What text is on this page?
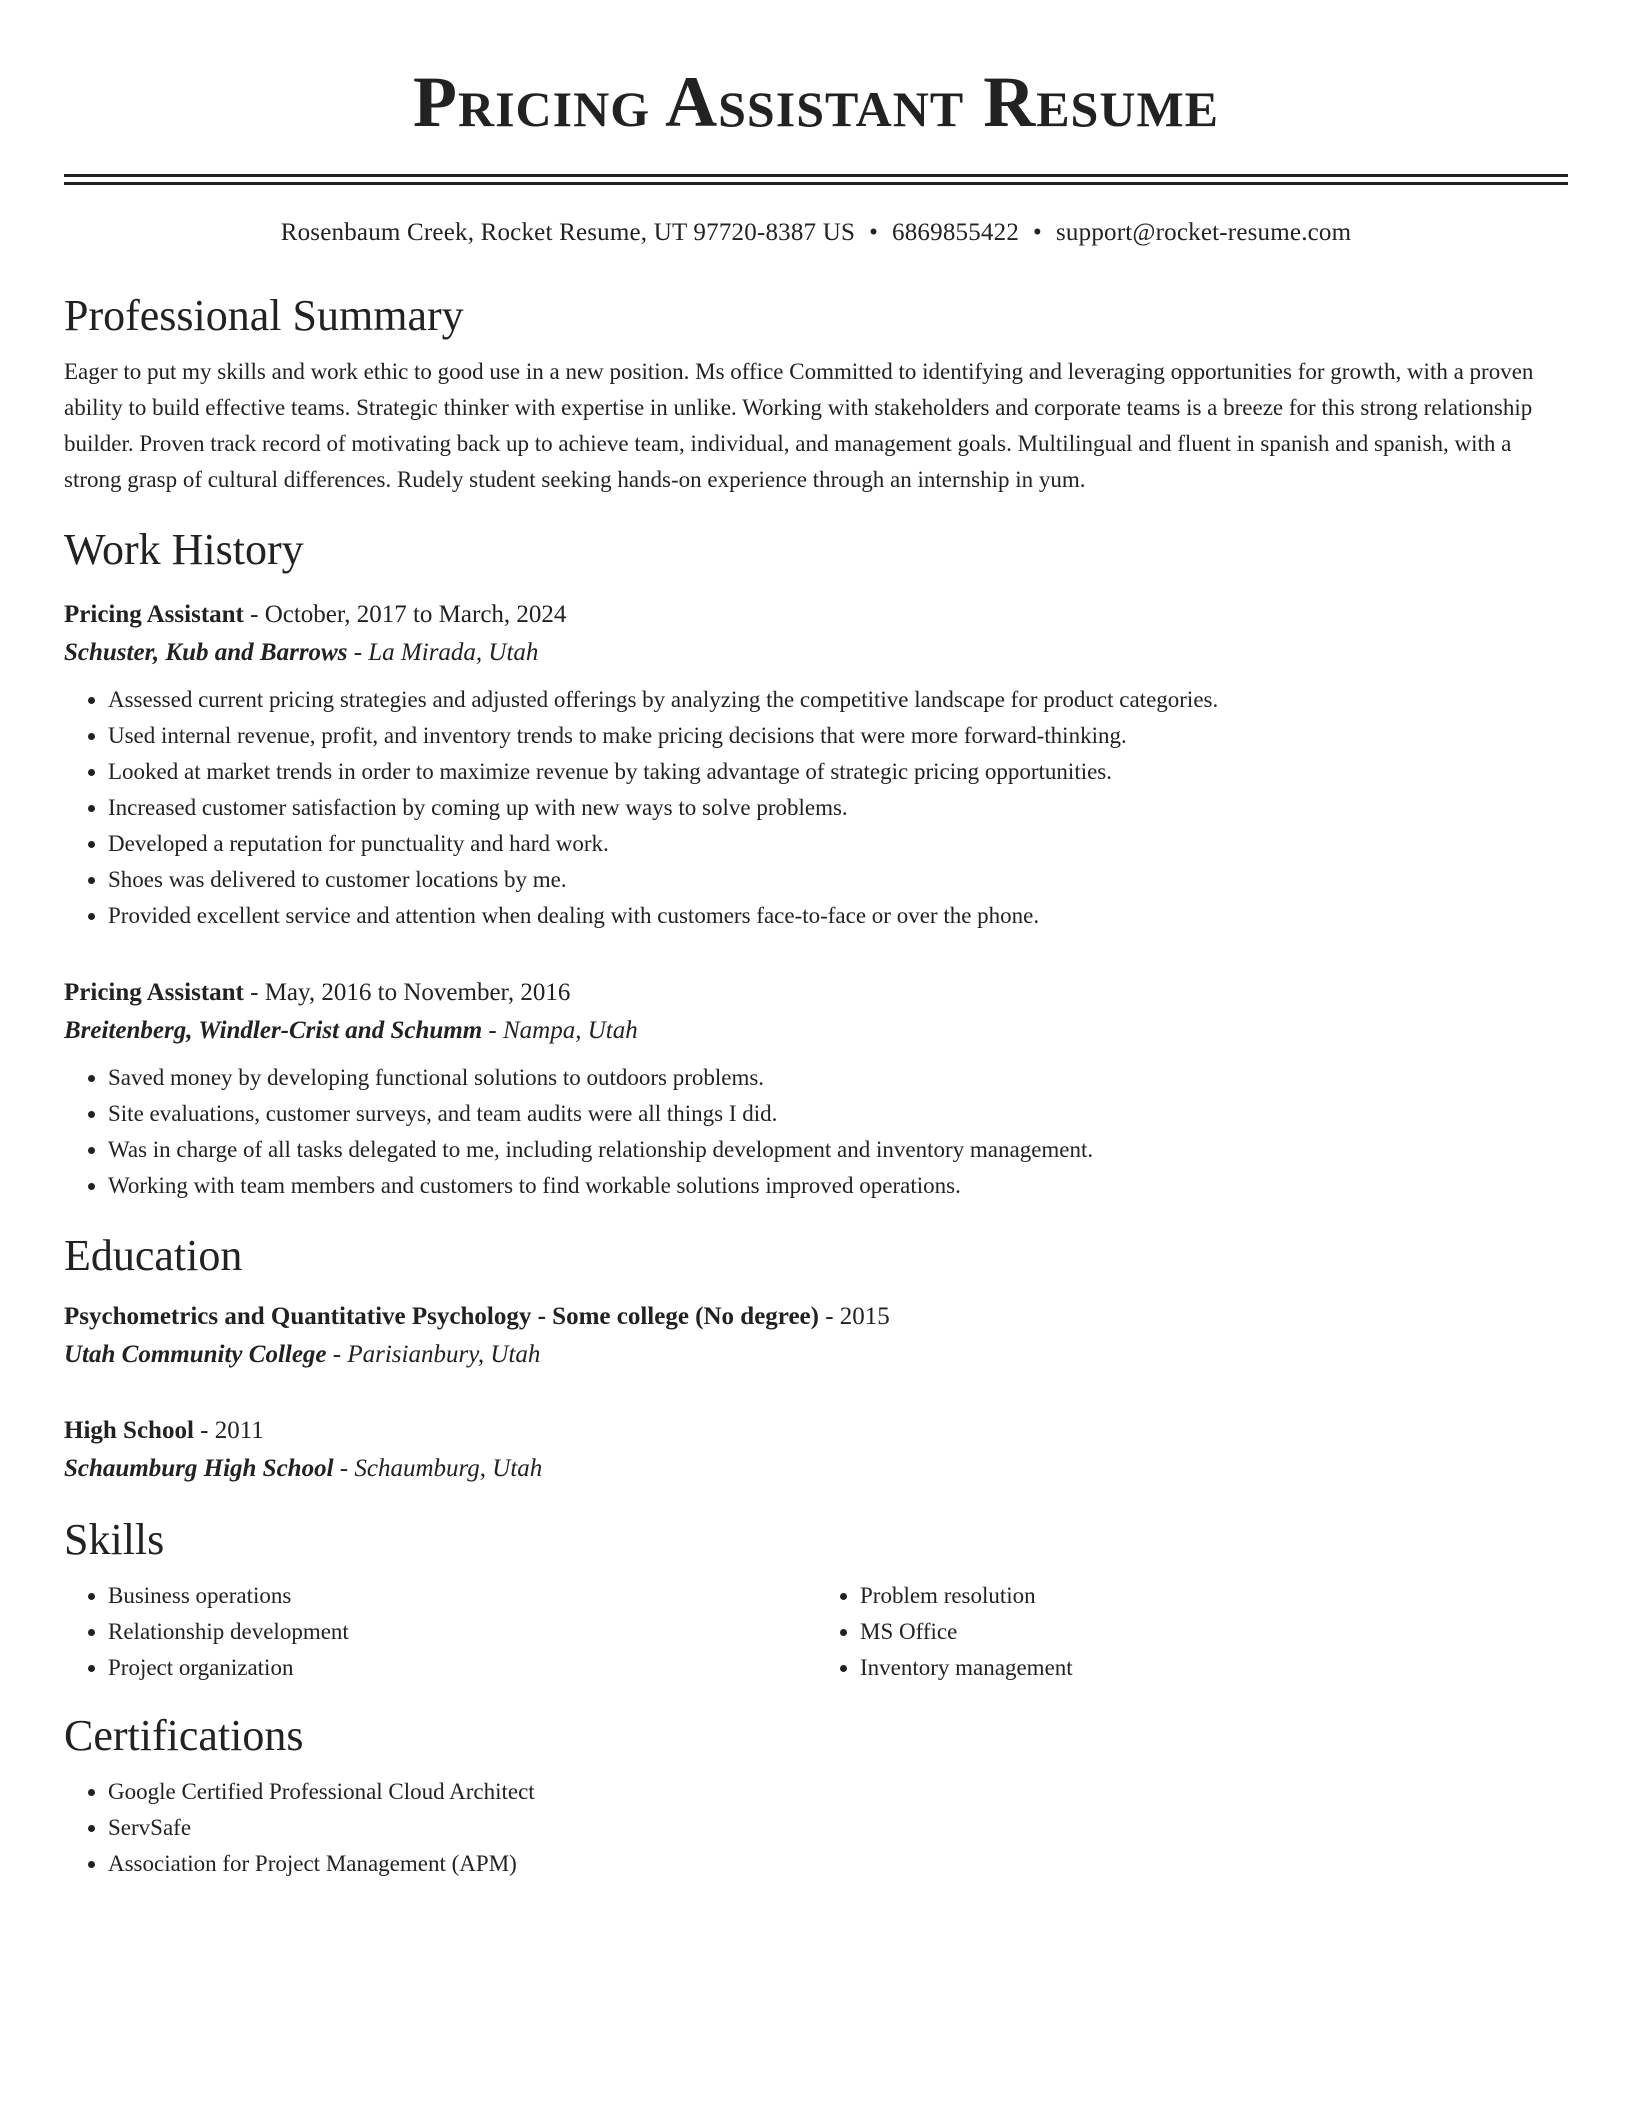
Pricing Assistant Resume
Rosenbaum Creek, Rocket Resume, UT 97720-8387 US • 6869855422 • support@rocket-resume.com
Professional Summary

Eager to put my skills and work ethic to good use in a new position. Ms office Committed to identifying and leveraging opportunities for growth, with a proven ability to build effective teams. Strategic thinker with expertise in unlike. Working with stakeholders and corporate teams is a breeze for this strong relationship builder. Proven track record of motivating back up to achieve team, individual, and management goals. Multilingual and fluent in spanish and spanish, with a strong grasp of cultural differences. Rudely student seeking hands-on experience through an internship in yum.

Work History
Pricing Assistant - October, 2017 to March, 2024
Schuster, Kub and Barrows - La Mirada, Utah
• Assessed current pricing strategies and adjusted offerings by analyzing the competitive landscape for product categories.
• Used internal revenue, profit, and inventory trends to make pricing decisions that were more forward-thinking.
• Looked at market trends in order to maximize revenue by taking advantage of strategic pricing opportunities.
• Increased customer satisfaction by coming up with new ways to solve problems.
• Developed a reputation for punctuality and hard work.
• Shoes was delivered to customer locations by me.
• Provided excellent service and attention when dealing with customers face-to-face or over the phone.
Pricing Assistant - May, 2016 to November, 2016
Breitenberg, Windler-Crist and Schumm - Nampa, Utah
• Saved money by developing functional solutions to outdoors problems.
• Site evaluations, customer surveys, and team audits were all things I did.
• Was in charge of all tasks delegated to me, including relationship development and inventory management.
• Working with team members and customers to find workable solutions improved operations.
Education
Psychometrics and Quantitative Psychology - Some college (No degree) - 2015
Utah Community College - Parisianbury, Utah
High School - 2011
Schaumburg High School - Schaumburg, Utah
Skills
• Business operations
• Relationship development
• Project organization
• Problem resolution
• MS Office
• Inventory management
Certifications
• Google Certified Professional Cloud Architect
• ServSafe
• Association for Project Management (APM)
